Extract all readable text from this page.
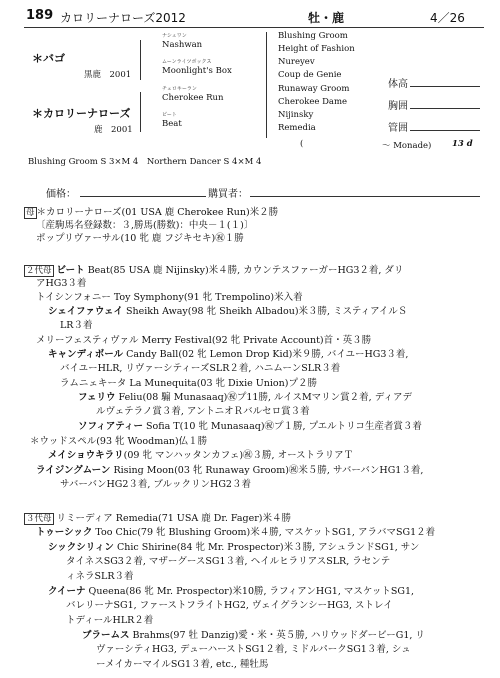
189 カロリーナローズ2012	牡・鹿	4／26
＊バゴ
黒鹿　2001
ナシュワン
Nashwan
ムーンライツボックス
Moonlight's Box
＊カロリーナローズ
鹿　2001
チェロキーラン
Cherokee Run
ビート
Beat
Blushing Groom
Height of Fashion
Nureyev
Coup de Genie
Runaway Groom
Cherokee Dame
Nijinsky
Remedia
(	～ Monade) 13 d
体高
胸囲
管囲
Blushing Groom S 3×M 4　Northern Dancer S 4×M 4
価格：	購買者：
母 ＊カロリーナローズ(01 USA 鹿 Cherokee Run)米２勝
〔産駒馬名登録数：３,勝馬(勝数)：中央－１(１)〕
ポップリヴァーサル(10 牝 鹿 フジキセキ)㊗１勝
２代母 ビート Beat(85 USA 鹿 Nijinsky)米４勝, カウンテスファーガーHG3２着, ダリ
アHG3３着
トイシンフォニー Toy Symphony(91 牝 Trempolino)米入着
シェイファウェイ Sheikh Away(98 牝 Sheikh Albadou)米３勝, ミスティアイルＳ
LR３着
メリーフェスティヴァル Merry Festival(92 牝 Private Account)首・英３勝
キャンディボール Candy Ball(02 牝 Lemon Drop Kid)米９勝, バイユーHG3３着,
バイユーHLR, リヴァーシティーズSLR２着, ハニムーンSLR３着
ラムニェキータ La Munequita(03 牝 Dixie Union)プ２勝
フェリウ Feliu(08 騸 Munasaaq)㊗プ11勝, ルイスMマリン賞２着, ディアデ
ルヴェテラノ賞３着, アントニオＲバルセロ賞３着
ソフィアティー Sofia T(10 牝 Munasaaq)㊗プ１勝, プエルトリコ生産者賞３着
＊ウッドスペル(93 牝 Woodman)仏１勝
メイショウキラリ(09 牝 マンハッタンカフェ)㊗３勝, オーストラリアＴ
ライジングムーン Rising Moon(03 牝 Runaway Groom)㊗米５勝, サバーバンHG1３着,
サバーバンHG2３着, ブルックリンHG2３着
３代母 リミーディア Remedia(71 USA 鹿 Dr. Fager)米４勝
トゥーシック Too Chic(79 牝 Blushing Groom)米４勝, マスケットSG1, アラバマSG1２着
シックシリィン Chic Shirine(84 牝 Mr. Prospector)米３勝, アシュランドSG1, サン
タイネスSG3２着, マザーグースSG1３着, ヘイルヒラリアスSLR, ラセンテ
ィネラSLR３着
クイーナ Queena(86 牝 Mr. Prospector)米10勝, ラフィアンHG1, マスケットSG1,
バレリーナSG1, ファーストフライトHG2, ヴェイグランシーHG3, ストレイ
トディールHLR２着
ブラームス Brahms(97 牡 Danzig)愛・米・英５勝, ハリウッドダービーG1, リ
ヴァーシティHG3, デューハーストSG1２着, ミドルパークSG1３着, シュ
ーメイカーマイルSG1３着, etc., 種牡馬
